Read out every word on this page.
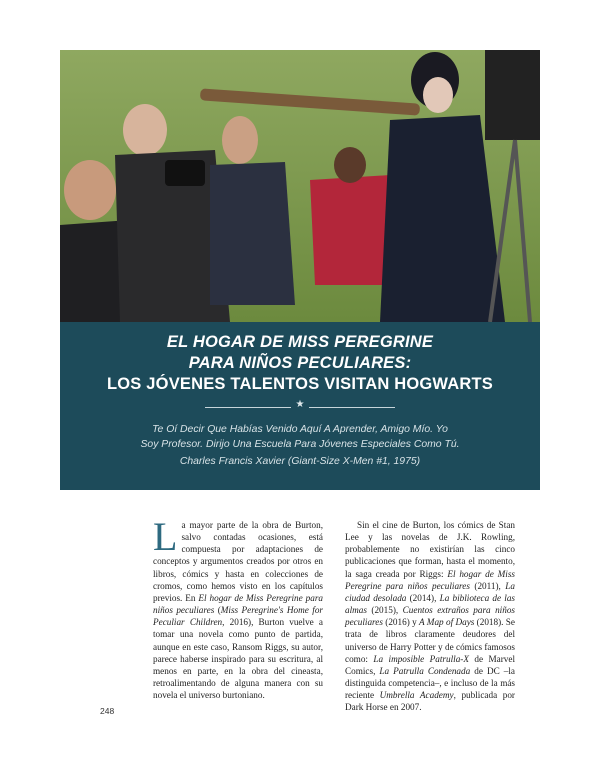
EL HOGAR DE MISS PEREGRINE
PARA NIÑOS PECULIARES:
LOS JÓVENES TALENTOS VISITAN HOGWARTS
★
Te Oí Decir Que Habías Venido Aquí A Aprender, Amigo Mío. Yo
Soy Profesor. Dirijo Una Escuela Para Jóvenes Especiales Como Tú.
Charles Francis Xavier (Giant-Size X-Men #1, 1975)

La mayor parte de la obra de Burton, salvo contadas ocasiones, está compuesta por adaptaciones de conceptos y argumentos creados por otros en libros, cómics y hasta en colecciones de cromos, como hemos visto en los capítulos previos. En El hogar de Miss Peregrine para niños peculiares (Miss Peregrine's Home for Peculiar Children, 2016), Burton vuelve a tomar una novela como punto de partida, aunque en este caso, Ransom Riggs, su autor, parece haberse inspirado para su escritura, al menos en parte, en la obra del cineasta, retroalimentando de alguna manera con su novela el universo burtoniano.

Sin el cine de Burton, los cómics de Stan Lee y las novelas de J.K. Rowling, probablemente no existirían las cinco publicaciones que forman, hasta el momento, la saga creada por Riggs: El hogar de Miss Peregrine para niños peculiares (2011), La ciudad desolada (2014), La biblioteca de las almas (2015), Cuentos extraños para niños peculiares (2016) y A Map of Days (2018). Se trata de libros claramente deudores del universo de Harry Potter y de cómics famosos como: La imposible Patrulla-X de Marvel Comics, La Patrulla Condenada de DC –la distinguida competencia–, e incluso de la más reciente Umbrella Academy, publicada por Dark Horse en 2007.

248
